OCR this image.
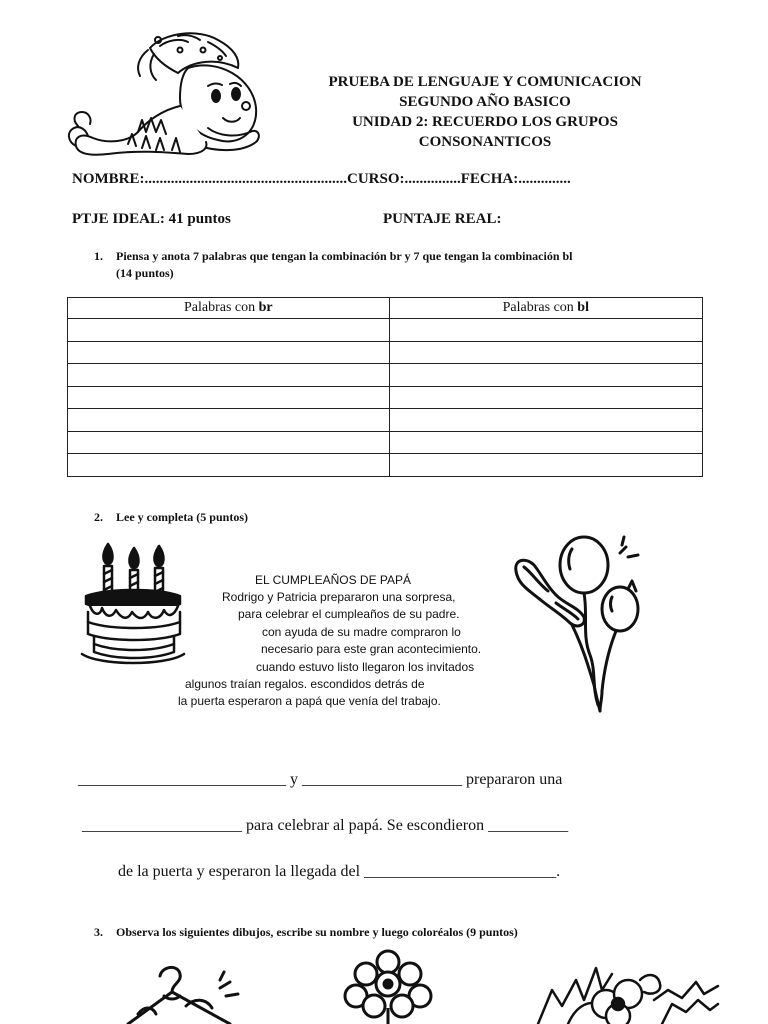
PRUEBA DE LENGUAJE Y COMUNICACION
SEGUNDO AÑO BASICO
UNIDAD 2: RECUERDO LOS GRUPOS
CONSONANTICOS
NOMBRE:......................................................CURSO:...............FECHA:..............
PTJE IDEAL: 41 puntos	PUNTAJE REAL:
1. Piensa y anota 7 palabras que tengan la combinación br y 7 que tengan la combinación bl
(14 puntos)
Palabras con br	Palabras con bl

2. Lee y completa (5 puntos)
EL CUMPLEAÑOS DE PAPÁ
Rodrigo y Patricia prepararon una sorpresa,
para celebrar el cumpleaños de su padre.
con ayuda de su madre compraron lo
necesario para este gran acontecimiento.
cuando estuvo listo llegaron los invitados
algunos traían regalos. escondidos detrás de
la puerta esperaron a papá que venía del trabajo.
__________________________ y ____________________ prepararon una
____________________ para celebrar al papá. Se escondieron __________
de la puerta y esperaron la llegada del ________________________.
3. Observa los siguientes dibujos, escribe su nombre y luego coloréalos (9 puntos)
